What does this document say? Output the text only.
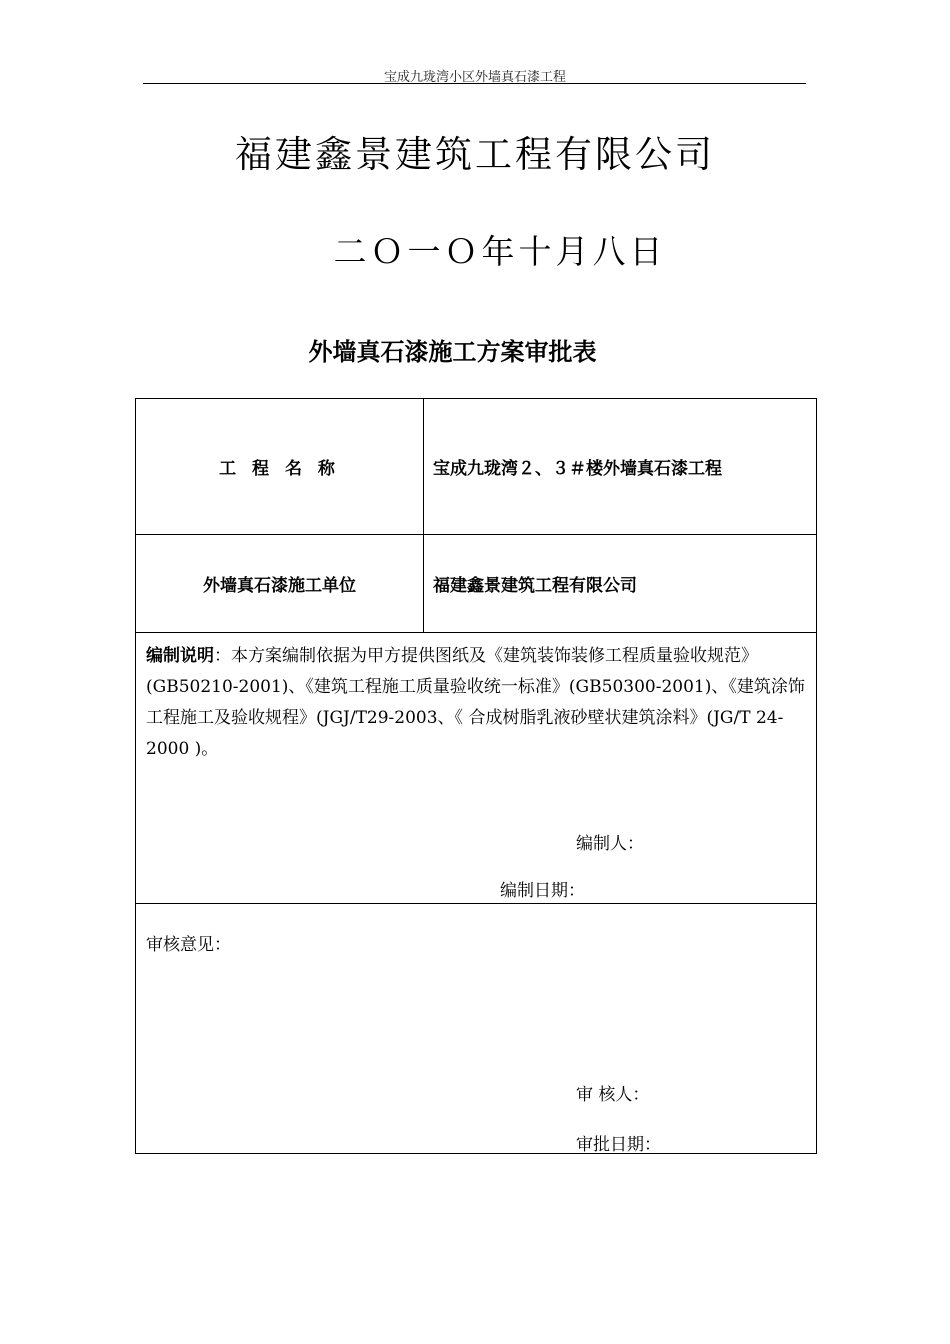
宝成九珑湾小区外墙真石漆工程
福建鑫景建筑工程有限公司
二Ｏ一Ｏ年十月八日
外墙真石漆施工方案审批表
工 程 名 称	宝成九珑湾２、３＃楼外墙真石漆工程
外墙真石漆施工单位	福建鑫景建筑工程有限公司

编制说明：本方案编制依据为甲方提供图纸及《建筑装饰装修工程质量验收规范》(GB50210-2001)、《建筑工程施工质量验收统一标准》(GB50300-2001)、《建筑涂饰工程施工及验收规程》(JGJ/T29-2003、《 合成树脂乳液砂壁状建筑涂料》(JG/T 24-2000 )。
编制人：
编制日期：	

审核意见：
审 核人：
审批日期：	
